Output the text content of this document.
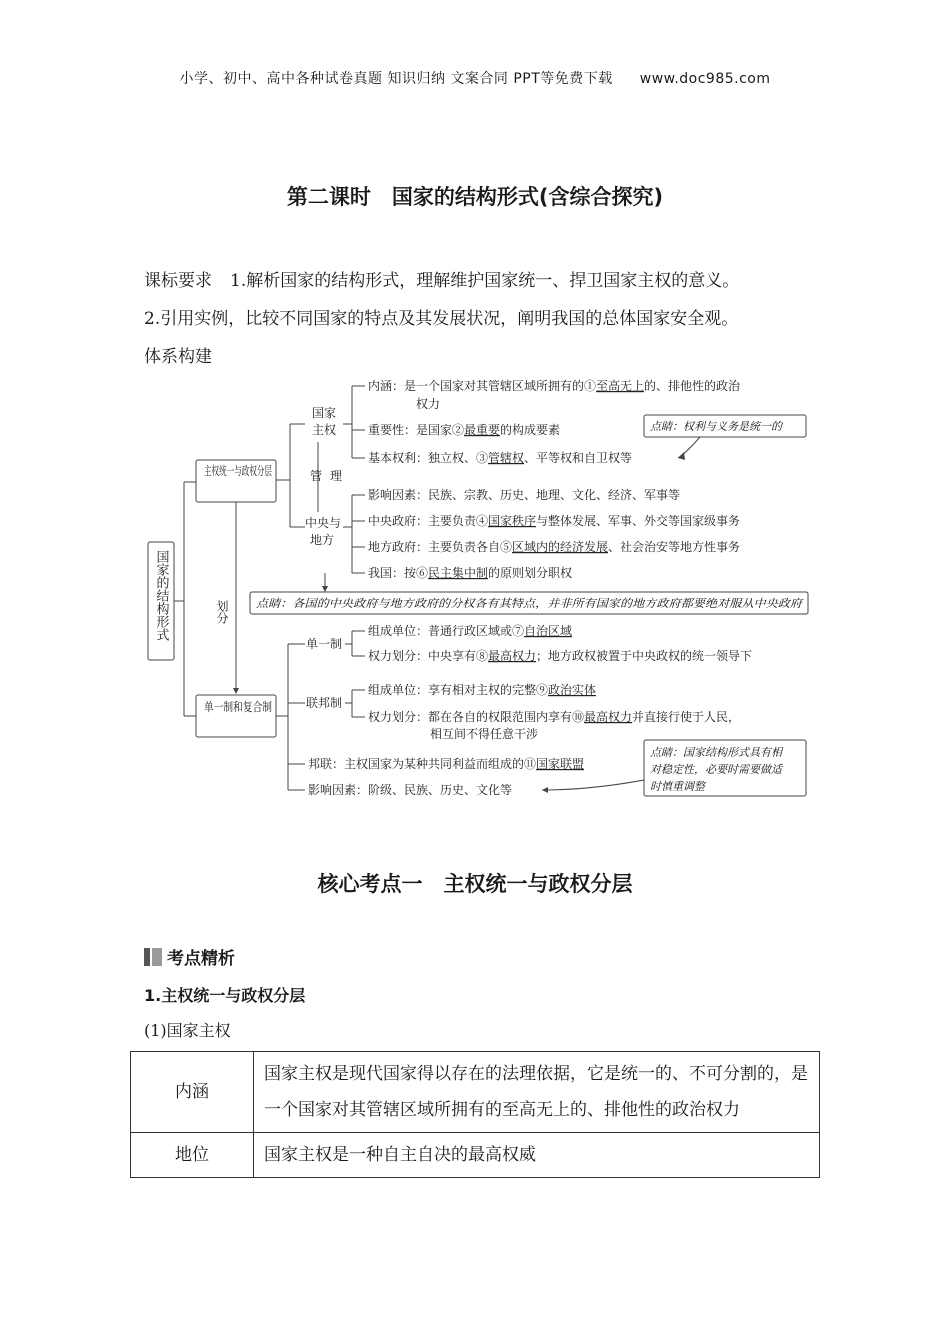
小学、初中、高中各种试卷真题 知识归纳 文案合同 PPT等免费下载 www.doc985.com
第二课时　国家的结构形式(含综合探究)
课标要求 1.解析国家的结构形式，理解维护国家统一、捍卫国家主权的意义。
2.引用实例，比较不同国家的特点及其发展状况，阐明我国的总体国家安全观。
体系构建
国家的结构形式
主权统一与政权分层
单一制和复合制
划分
国家
主权
管 理
中央与
地方
内涵：是一个国家对其管辖区域所拥有的①至高无上的、排他性的政治
权力
重要性：是国家②最重要的构成要素
基本权利：独立权、③管辖权、平等权和自卫权等
点睛：权利与义务是统一的
影响因素：民族、宗教、历史、地理、文化、经济、军事等
中央政府：主要负责④国家秩序与整体发展、军事、外交等国家级事务
地方政府：主要负责各自⑤区域内的经济发展、社会治安等地方性事务
我国：按⑥民主集中制的原则划分职权
点睛：各国的中央政府与地方政府的分权各有其特点，并非所有国家的地方政府都要绝对服从中央政府
单一制
组成单位：普通行政区域或⑦自治区域
权力划分：中央享有⑧最高权力；地方政权被置于中央政权的统一领导下
联邦制
组成单位：享有相对主权的完整⑨政治实体
权力划分：都在各自的权限范围内享有⑩最高权力并直接行使于人民，
相互间不得任意干涉
邦联：主权国家为某种共同利益而组成的⑪国家联盟
影响因素：阶级、民族、历史、文化等
点睛：国家结构形式具有相
对稳定性，必要时需要做适
时慎重调整
核心考点一　主权统一与政权分层
考点精析
1.主权统一与政权分层
(1)国家主权
内涵	国家主权是现代国家得以存在的法理依据，它是统一的、不可分割的，是一个国家对其管辖区域所拥有的至高无上的、排他性的政治权力
地位	国家主权是一种自主自决的最高权威
